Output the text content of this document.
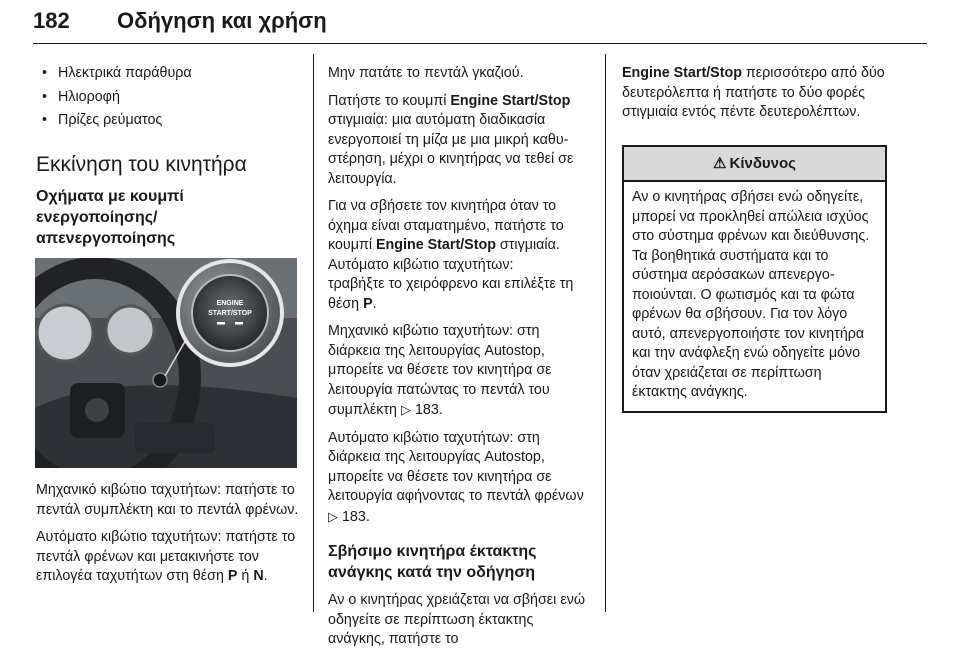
182 Οδήγηση και χρήση
• Ηλεκτρικά παράθυρα
• Ηλιοροφή
• Πρίζες ρεύματος
Εκκίνηση του κινητήρα
Οχήματα με κουμπί
ενεργοποίησης/
απενεργοποίησης
ENGINE
START/STOP

Μηχανικό κιβώτιο ταχυτήτων: πατήστε το πεντάλ συμπλέκτη και το πεντάλ φρένων.

Αυτόματο κιβώτιο ταχυτήτων: πατήστε το πεντάλ φρένων και μετακινήστε τον επιλογέα ταχυτήτων στη θέση P ή N.

Μην πατάτε το πεντάλ γκαζιού.

Πατήστε το κουμπί Engine Start/Stop στιγμιαία: μια αυτόματη διαδικασία ενεργοποιεί τη μίζα με μια μικρή καθυστέρηση, μέχρι ο κινητήρας να τεθεί σε λειτουργία.

Για να σβήσετε τον κινητήρα όταν το όχημα είναι σταματημένο, πατήστε το κουμπί Engine Start/Stop στιγμιαία.

Αυτόματο κιβώτιο ταχυτήτων:
τραβήξτε το χειρόφρενο και επιλέξτε τη θέση P.

Μηχανικό κιβώτιο ταχυτήτων: στη διάρκεια της λειτουργίας Autostop, μπορείτε να θέσετε τον κινητήρα σε λειτουργία πατώντας το πεντάλ του συμπλέκτη ▷ 183.

Αυτόματο κιβώτιο ταχυτήτων: στη διάρκεια της λειτουργίας Autostop, μπορείτε να θέσετε τον κινητήρα σε λειτουργία αφήνοντας το πεντάλ φρένων ▷ 183.

Σβήσιμο κινητήρα έκτακτης
ανάγκης κατά την οδήγηση

Αν ο κινητήρας χρειάζεται να σβήσει ενώ οδηγείτε σε περίπτωση έκτακτης ανάγκης, πατήστε το

Engine Start/Stop περισσότερο από δύο δευτερόλεπτα ή πατήστε το δύο φορές στιγμιαία εντός πέντε δευτερολέπτων.

⚠ Κίνδυνος
Αν ο κινητήρας σβήσει ενώ οδηγείτε, μπορεί να προκληθεί απώλεια ισχύος στο σύστημα φρένων και διεύθυνσης. Τα βοηθητικά συστήματα και το σύστημα αερόσακων απενεργοποιούνται. Ο φωτισμός και τα φώτα φρένων θα σβήσουν. Για τον λόγο αυτό, απενεργοποιήστε τον κινητήρα και την ανάφλεξη ενώ οδηγείτε μόνο όταν χρειάζεται σε περίπτωση έκτακτης ανάγκης.
